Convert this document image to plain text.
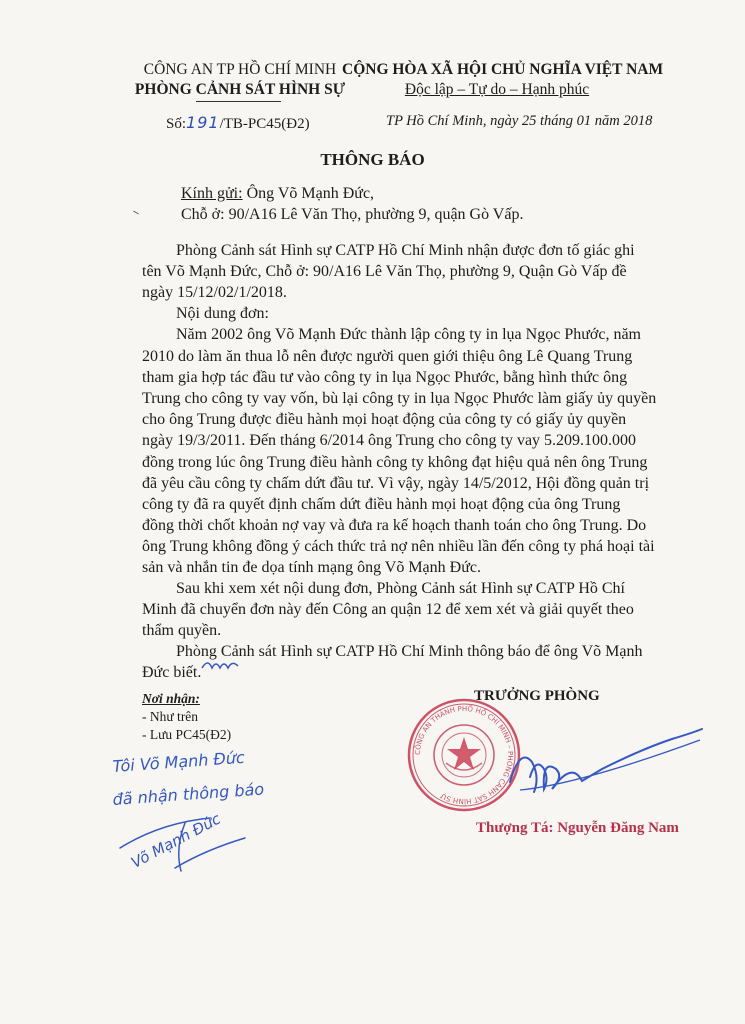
CÔNG AN TP HỒ CHÍ MINH
PHÒNG CẢNH SÁT HÌNH SỰ
CỘNG HÒA XÃ HỘI CHỦ NGHĨA VIỆT NAM
Độc lập – Tự do – Hạnh phúc
Số:191/TB-PC45(Đ2)	TP Hồ Chí Minh, ngày 25 tháng 01 năm 2018
THÔNG BÁO
Kính gửi: Ông Võ Mạnh Đức,
Chỗ ở: 90/A16 Lê Văn Thọ, phường 9, quận Gò Vấp.
Phòng Cảnh sát Hình sự CATP Hồ Chí Minh nhận được đơn tố giác ghi
tên Võ Mạnh Đức, Chỗ ở: 90/A16 Lê Văn Thọ, phường 9, Quận Gò Vấp đề
ngày 15/12/02/1/2018.
Nội dung đơn:
Năm 2002 ông Võ Mạnh Đức thành lập công ty in lụa Ngọc Phước, năm
2010 do làm ăn thua lỗ nên được người quen giới thiệu ông Lê Quang Trung
tham gia hợp tác đầu tư vào công ty in lụa Ngọc Phước, bằng hình thức ông
Trung cho công ty vay vốn, bù lại công ty in lụa Ngọc Phước làm giấy ủy quyền
cho ông Trung được điều hành mọi hoạt động của công ty có giấy ủy quyền
ngày 19/3/2011. Đến tháng 6/2014 ông Trung cho công ty vay 5.209.100.000
đồng trong lúc ông Trung điều hành công ty không đạt hiệu quả nên ông Trung
đã yêu cầu công ty chấm dứt đầu tư. Vì vậy, ngày 14/5/2012, Hội đồng quản trị
công ty đã ra quyết định chấm dứt điều hành mọi hoạt động của ông Trung
đồng thời chốt khoản nợ vay và đưa ra kế hoạch thanh toán cho ông Trung. Do
ông Trung không đồng ý cách thức trả nợ nên nhiều lần đến công ty phá hoại tài
sản và nhắn tin đe dọa tính mạng ông Võ Mạnh Đức.
Sau khi xem xét nội dung đơn, Phòng Cảnh sát Hình sự CATP Hồ Chí
Minh đã chuyển đơn này đến Công an quận 12 để xem xét và giải quyết theo
thẩm quyền.
Phòng Cảnh sát Hình sự CATP Hồ Chí Minh thông báo để ông Võ Mạnh
Đức biết.
Nơi nhận:
- Như trên
- Lưu PC45(Đ2)
TRƯỞNG PHÒNG
CÔNG AN THÀNH PHỐ HỒ CHÍ MINH – PHÒNG CẢNH SÁT HÌNH SỰ
Thượng Tá: Nguyễn Đăng Nam
Tôi Võ Mạnh Đức
đã nhận thông báo
Võ Mạnh Đức
